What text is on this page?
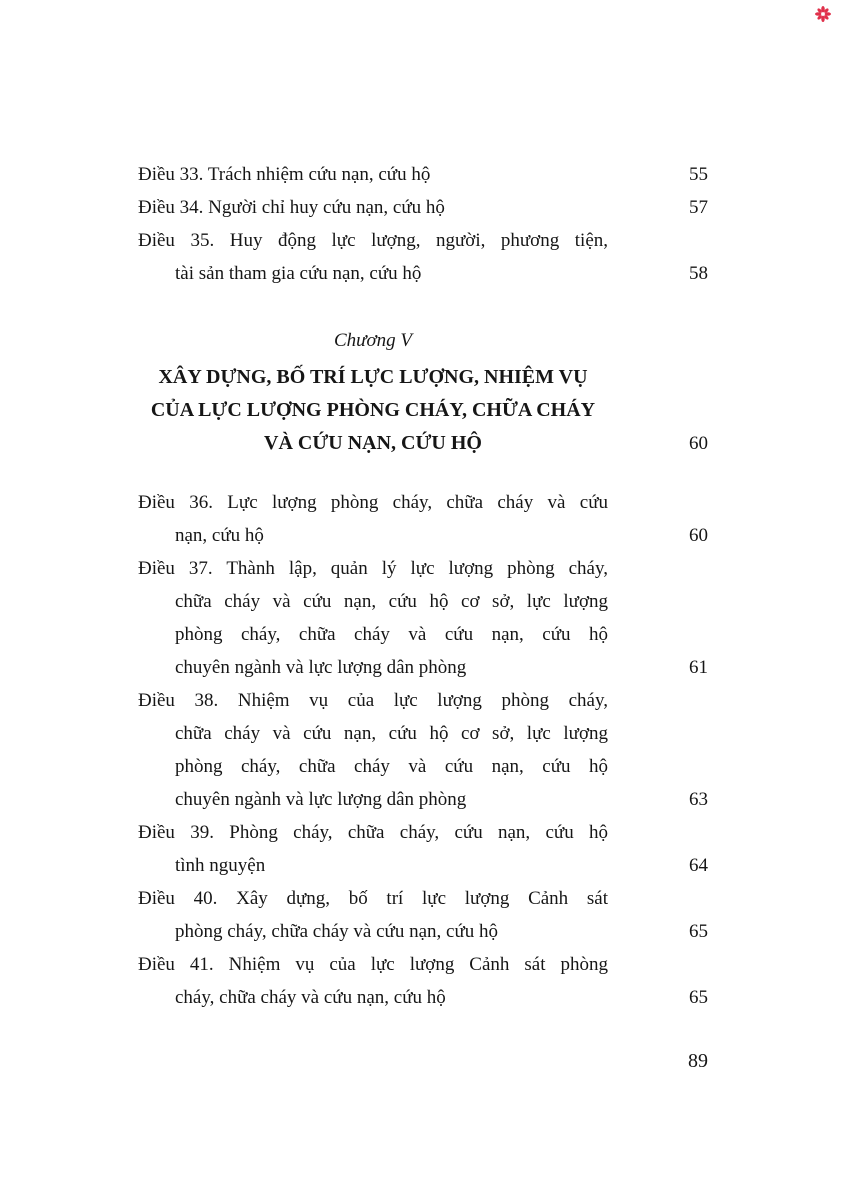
Điều 33. Trách nhiệm cứu nạn, cứu hộ	55
Điều 34. Người chỉ huy cứu nạn, cứu hộ	57
Điều 35. Huy động lực lượng, người, phương tiện,
tài sản tham gia cứu nạn, cứu hộ	58
Chương V
XÂY DỰNG, BỐ TRÍ LỰC LƯỢNG, NHIỆM VỤ
CỦA LỰC LƯỢNG PHÒNG CHÁY, CHỮA CHÁY
VÀ CỨU NẠN, CỨU HỘ	60
Điều 36. Lực lượng phòng cháy, chữa cháy và cứu
nạn, cứu hộ	60
Điều 37. Thành lập, quản lý lực lượng phòng cháy,
chữa cháy và cứu nạn, cứu hộ cơ sở, lực lượng
phòng cháy, chữa cháy và cứu nạn, cứu hộ
chuyên ngành và lực lượng dân phòng	61
Điều 38. Nhiệm vụ của lực lượng phòng cháy,
chữa cháy và cứu nạn, cứu hộ cơ sở, lực lượng
phòng cháy, chữa cháy và cứu nạn, cứu hộ
chuyên ngành và lực lượng dân phòng	63
Điều 39. Phòng cháy, chữa cháy, cứu nạn, cứu hộ
tình nguyện	64
Điều 40. Xây dựng, bố trí lực lượng Cảnh sát
phòng cháy, chữa cháy và cứu nạn, cứu hộ	65
Điều 41. Nhiệm vụ của lực lượng Cảnh sát phòng
cháy, chữa cháy và cứu nạn, cứu hộ	65
89
